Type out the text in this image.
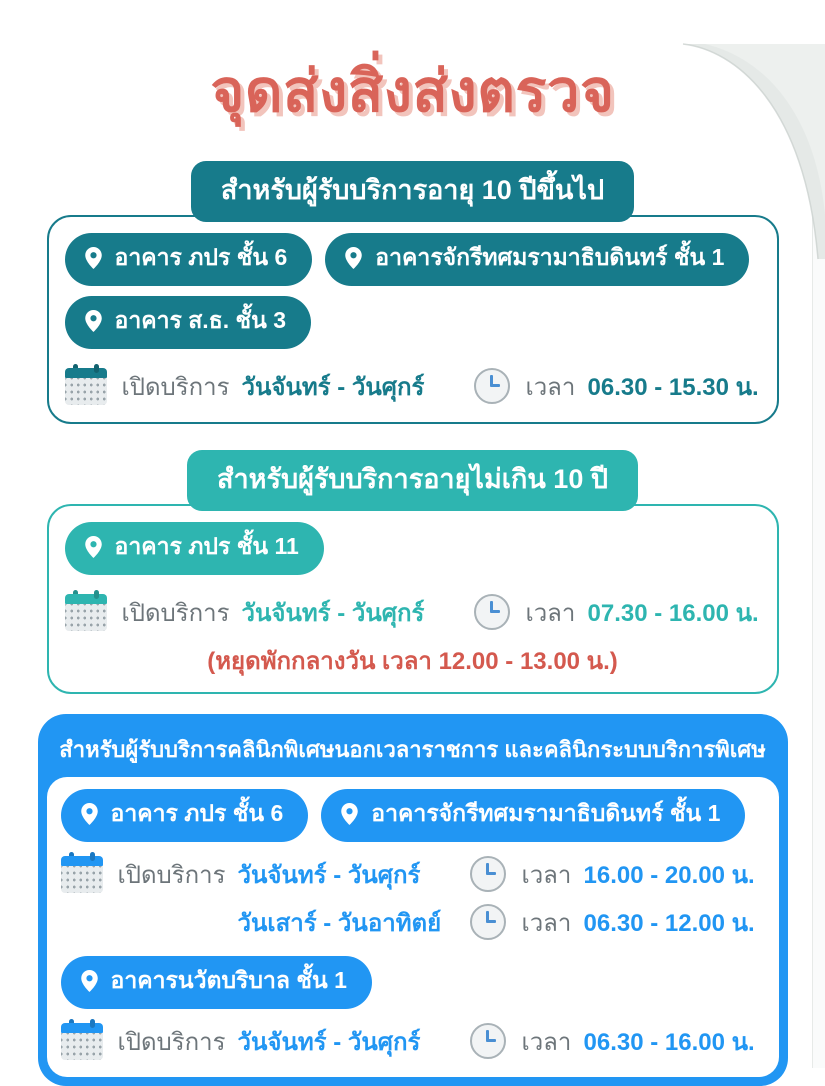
จุดส่งสิ่งส่งตรวจ
สำหรับผู้รับบริการอายุ 10 ปีขึ้นไป
อาคาร ภปร ชั้น 6	อาคารจักรีทศมรามาธิบดินทร์ ชั้น 1
อาคาร ส.ธ. ชั้น 3
เปิดบริการ วันจันทร์ - วันศุกร์	เวลา 06.30 - 15.30 น.
สำหรับผู้รับบริการอายุไม่เกิน 10 ปี
อาคาร ภปร ชั้น 11
เปิดบริการ วันจันทร์ - วันศุกร์	เวลา 07.30 - 16.00 น.
(หยุดพักกลางวัน เวลา 12.00 - 13.00 น.)
สำหรับผู้รับบริการคลินิกพิเศษนอกเวลาราชการ และคลินิกระบบบริการพิเศษ
อาคาร ภปร ชั้น 6	อาคารจักรีทศมรามาธิบดินทร์ ชั้น 1
เปิดบริการ วันจันทร์ - วันศุกร์	เวลา 16.00 - 20.00 น.
วันเสาร์ - วันอาทิตย์	เวลา 06.30 - 12.00 น.
อาคารนวัตบริบาล ชั้น 1
เปิดบริการ วันจันทร์ - วันศุกร์	เวลา 06.30 - 16.00 น.
